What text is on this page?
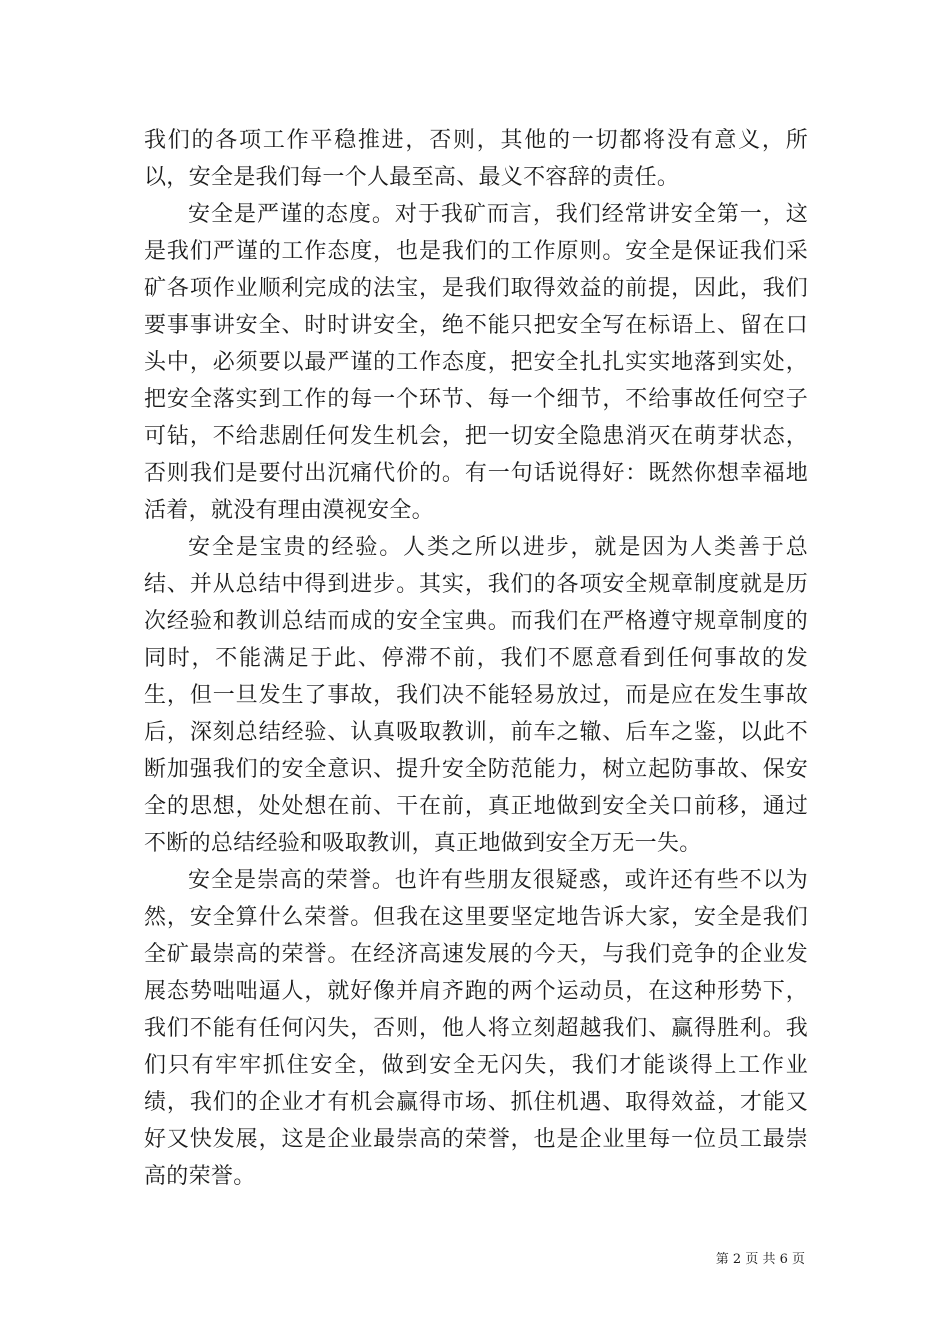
我们的各项工作平稳推进，否则，其他的一切都将没有意义，所以，安全是我们每一个人最至高、最义不容辞的责任。

安全是严谨的态度。对于我矿而言，我们经常讲安全第一，这是我们严谨的工作态度，也是我们的工作原则。安全是保证我们采矿各项作业顺利完成的法宝，是我们取得效益的前提，因此，我们要事事讲安全、时时讲安全，绝不能只把安全写在标语上、留在口头中，必须要以最严谨的工作态度，把安全扎扎实实地落到实处，把安全落实到工作的每一个环节、每一个细节，不给事故任何空子可钻，不给悲剧任何发生机会，把一切安全隐患消灭在萌芽状态，否则我们是要付出沉痛代价的。有一句话说得好：既然你想幸福地活着，就没有理由漠视安全。

安全是宝贵的经验。人类之所以进步，就是因为人类善于总结、并从总结中得到进步。其实，我们的各项安全规章制度就是历次经验和教训总结而成的安全宝典。而我们在严格遵守规章制度的同时，不能满足于此、停滞不前，我们不愿意看到任何事故的发生，但一旦发生了事故，我们决不能轻易放过，而是应在发生事故后，深刻总结经验、认真吸取教训，前车之辙、后车之鉴，以此不断加强我们的安全意识、提升安全防范能力，树立起防事故、保安全的思想，处处想在前、干在前，真正地做到安全关口前移，通过不断的总结经验和吸取教训，真正地做到安全万无一失。

安全是崇高的荣誉。也许有些朋友很疑惑，或许还有些不以为然，安全算什么荣誉。但我在这里要坚定地告诉大家，安全是我们全矿最崇高的荣誉。在经济高速发展的今天，与我们竞争的企业发展态势咄咄逼人，就好像并肩齐跑的两个运动员，在这种形势下，我们不能有任何闪失，否则，他人将立刻超越我们、赢得胜利。我们只有牢牢抓住安全，做到安全无闪失，我们才能谈得上工作业绩，我们的企业才有机会赢得市场、抓住机遇、取得效益，才能又好又快发展，这是企业最崇高的荣誉，也是企业里每一位员工最崇高的荣誉。

第 2 页 共 6 页
